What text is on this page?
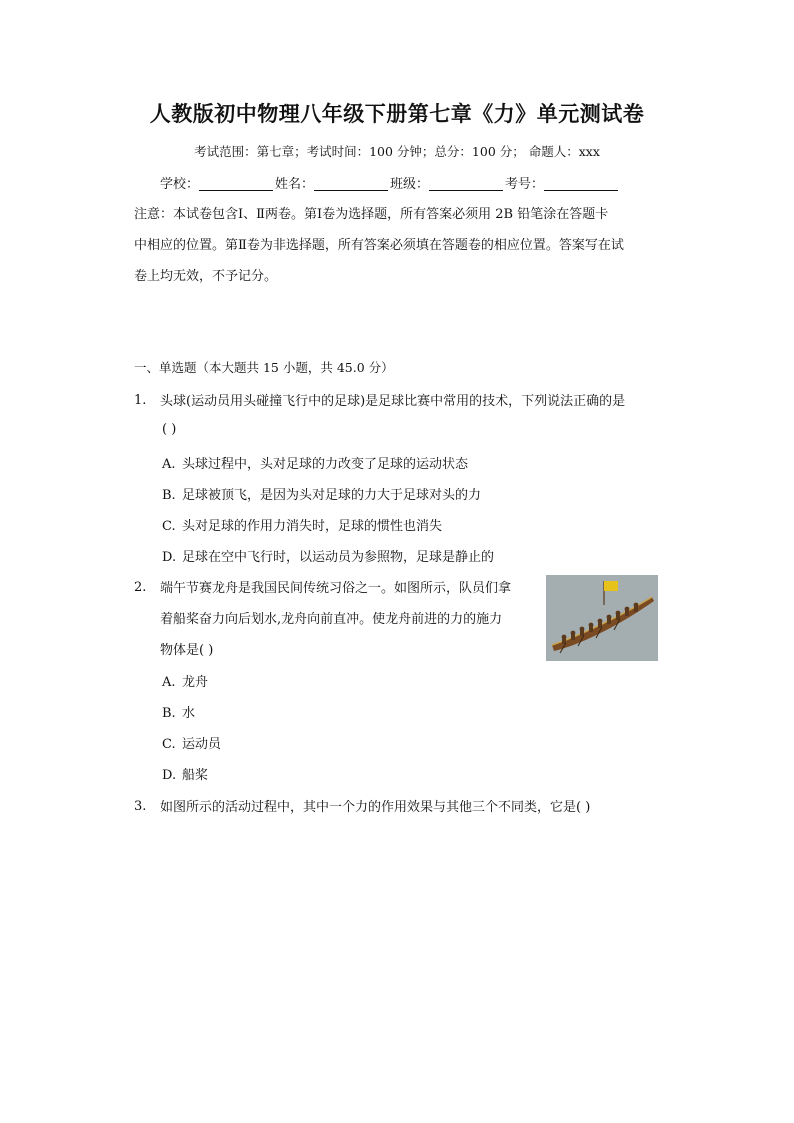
人教版初中物理八年级下册第七章《力》单元测试卷
考试范围：第七章；考试时间：100 分钟；总分：100 分； 命题人：xxx
学校：	姓名：	班级：	考号：
注意：本试卷包含Ⅰ、Ⅱ两卷。第Ⅰ卷为选择题，所有答案必须用 2B 铅笔涂在答题卡
中相应的位置。第Ⅱ卷为非选择题，所有答案必须填在答题卷的相应位置。答案写在试
卷上均无效，不予记分。
一、单选题（本大题共 15 小题，共 45.0 分）
1. 头球(运动员用头碰撞飞行中的足球)是足球比赛中常用的技术，下列说法正确的是
( )
A. 头球过程中，头对足球的力改变了足球的运动状态
B. 足球被顶飞，是因为头对足球的力大于足球对头的力
C. 头对足球的作用力消失时，足球的惯性也消失
D. 足球在空中飞行时，以运动员为参照物，足球是静止的
2. 端午节赛龙舟是我国民间传统习俗之一。如图所示，队员们拿
着船桨奋力向后划水,龙舟向前直冲。使龙舟前进的力的施力
物体是( )
A. 龙舟
B. 水
C. 运动员
D. 船桨
3. 如图所示的活动过程中，其中一个力的作用效果与其他三个不同类，它是( )
